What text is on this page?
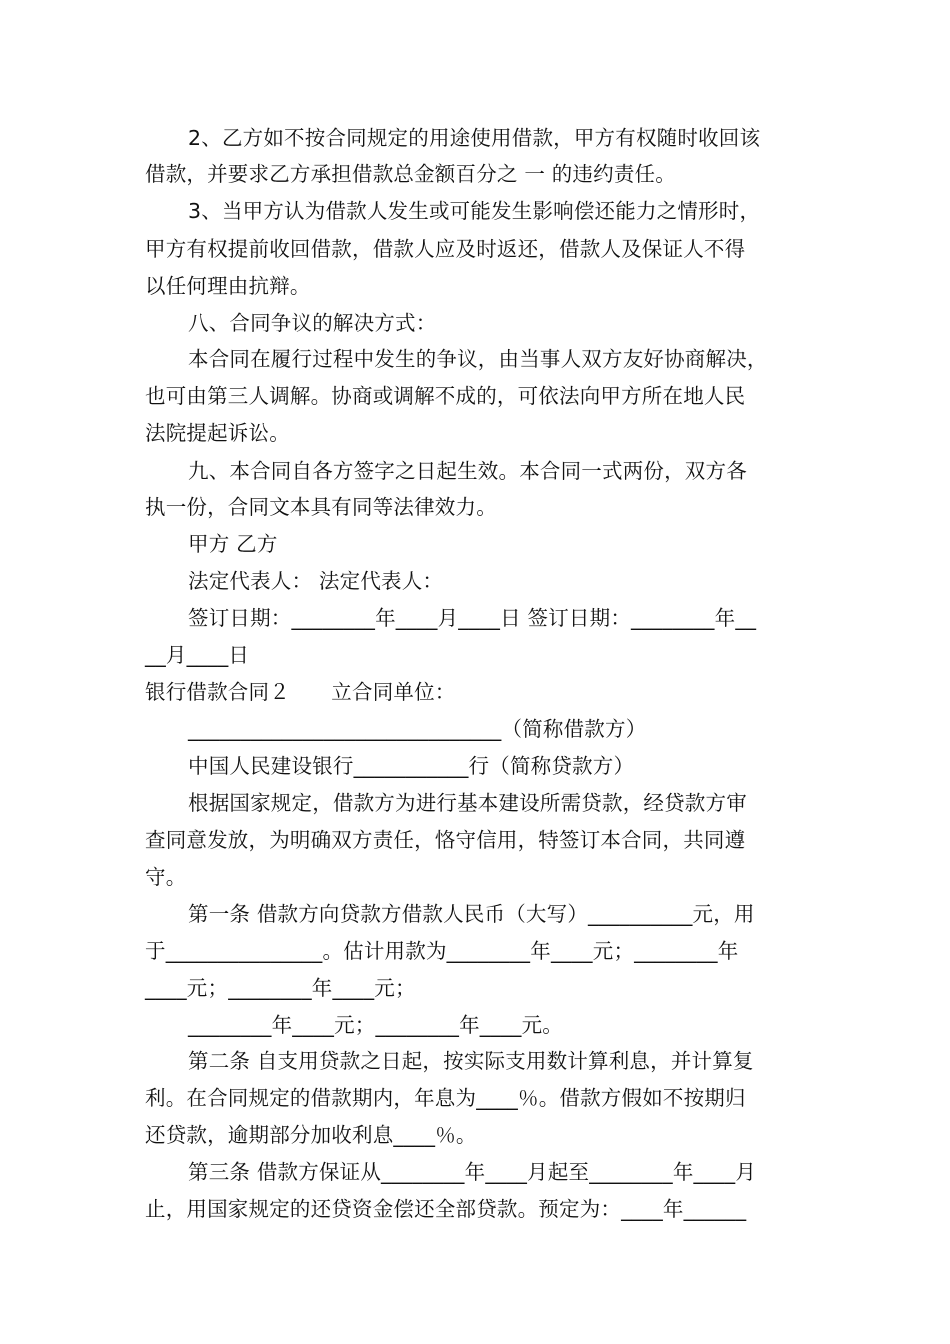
2、乙方如不按合同规定的用途使用借款，甲方有权随时收回该
借款，并要求乙方承担借款总金额百分之 一 的违约责任。
3、当甲方认为借款人发生或可能发生影响偿还能力之情形时，
甲方有权提前收回借款，借款人应及时返还，借款人及保证人不得
以任何理由抗辩。
八、合同争议的解决方式：
本合同在履行过程中发生的争议，由当事人双方友好协商解决，
也可由第三人调解。协商或调解不成的，可依法向甲方所在地人民
法院提起诉讼。
九、本合同自各方签字之日起生效。本合同一式两份，双方各
执一份，合同文本具有同等法律效力。
甲方 乙方
法定代表人： 法定代表人：
签订日期：________年____月____日 签订日期：________年__
__月____日
银行借款合同２　　立合同单位：
______________________________（简称借款方）
中国人民建设银行___________行（简称贷款方）
根据国家规定，借款方为进行基本建设所需贷款，经贷款方审
查同意发放，为明确双方责任，恪守信用，特签订本合同，共同遵
守。
第一条 借款方向贷款方借款人民币（大写）__________元，用
于_______________。估计用款为________年____元；________年
____元；________年____元；
________年____元；________年____元。
第二条 自支用贷款之日起，按实际支用数计算利息，并计算复
利。在合同规定的借款期内，年息为____％。借款方假如不按期归
还贷款，逾期部分加收利息____％。
第三条 借款方保证从________年____月起至________年____月
止，用国家规定的还贷资金偿还全部贷款。预定为：____年______
